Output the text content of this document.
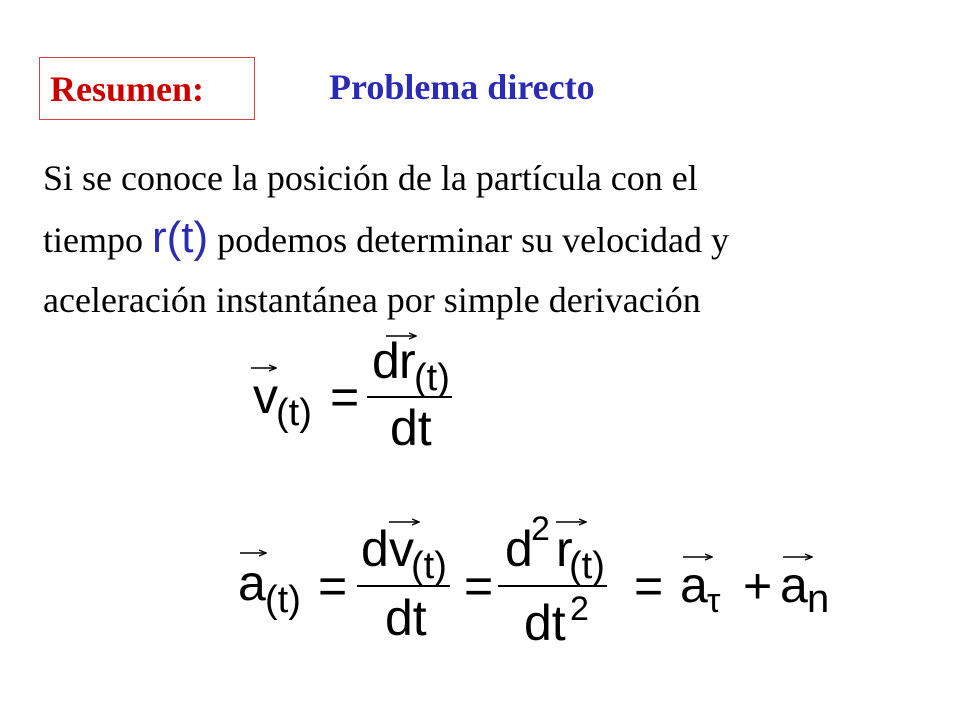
Resumen:	Problema directo
Si se conoce la posición de la partícula con el
tiempo r(t) podemos determinar su velocidad y
aceleración instantánea por simple derivación
v
(t) =
d r
(t)
dt
a (t) =
d v
(t)
dt
=
d
2 r
(t)
dt 2 = a τ + a n
